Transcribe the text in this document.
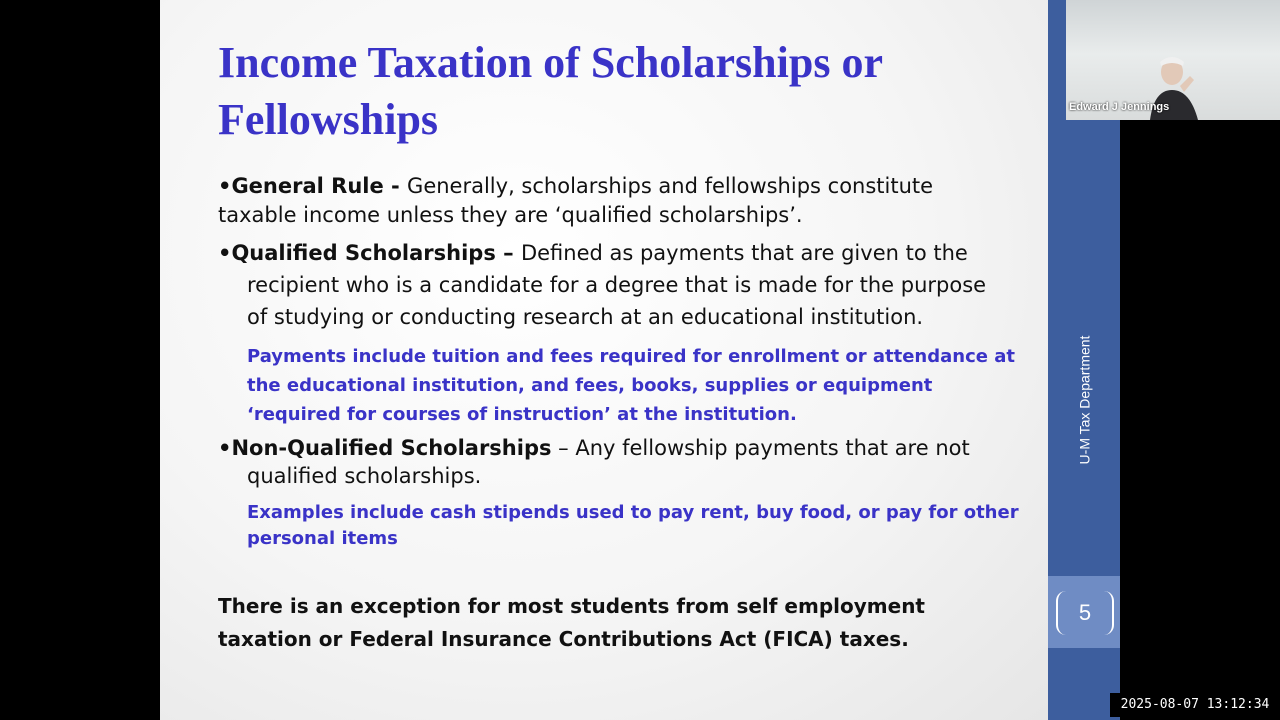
Income Taxation of Scholarships or Fellowships
•General Rule - Generally, scholarships and fellowships constitute
taxable income unless they are ‘qualified scholarships’.
•Qualified Scholarships – Defined as payments that are given to the
recipient who is a candidate for a degree that is made for the purpose
of studying or conducting research at an educational institution.
Payments include tuition and fees required for enrollment or attendance at the educational institution, and fees, books, supplies or equipment ‘required for courses of instruction’ at the institution.
•Non-Qualified Scholarships – Any fellowship payments that are not
qualified scholarships.
Examples include cash stipends used to pay rent, buy food, or pay for other personal items
There is an exception for most students from self employment taxation or Federal Insurance Contributions Act (FICA) taxes.
U-M Tax Department
5
Edward J Jennings
2025-08-07 13:12:34
